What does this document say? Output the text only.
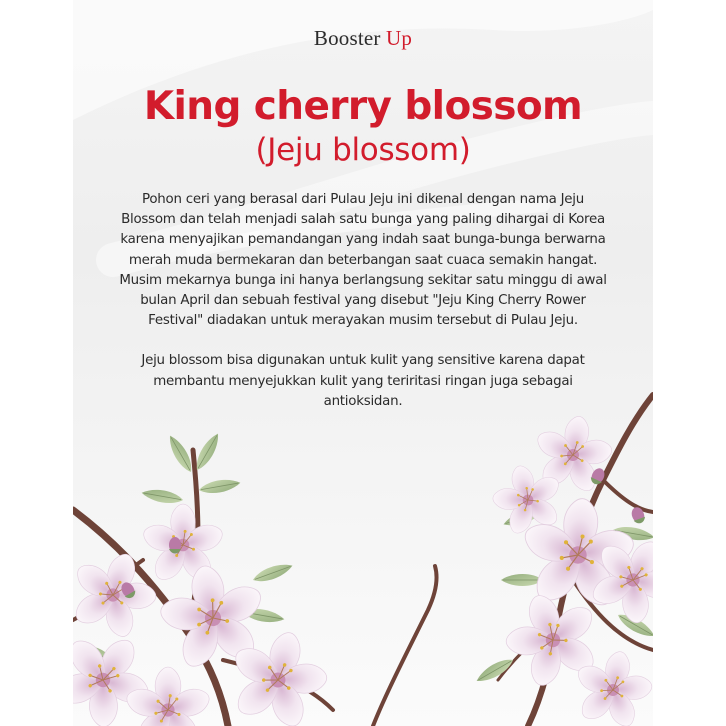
Booster Up
King cherry blossom
(Jeju blossom)

Pohon ceri yang berasal dari Pulau Jeju ini dikenal dengan nama Jeju Blossom dan telah menjadi salah satu bunga yang paling dihargai di Korea karena menyajikan pemandangan yang indah saat bunga-bunga berwarna merah muda bermekaran dan beterbangan saat cuaca semakin hangat. Musim mekarnya bunga ini hanya berlangsung sekitar satu minggu di awal bulan April dan sebuah festival yang disebut "Jeju King Cherry Rower Festival" diadakan untuk merayakan musim tersebut di Pulau Jeju.

Jeju blossom bisa digunakan untuk kulit yang sensitive karena dapat membantu menyejukkan kulit yang teriritasi ringan juga sebagai antioksidan.
